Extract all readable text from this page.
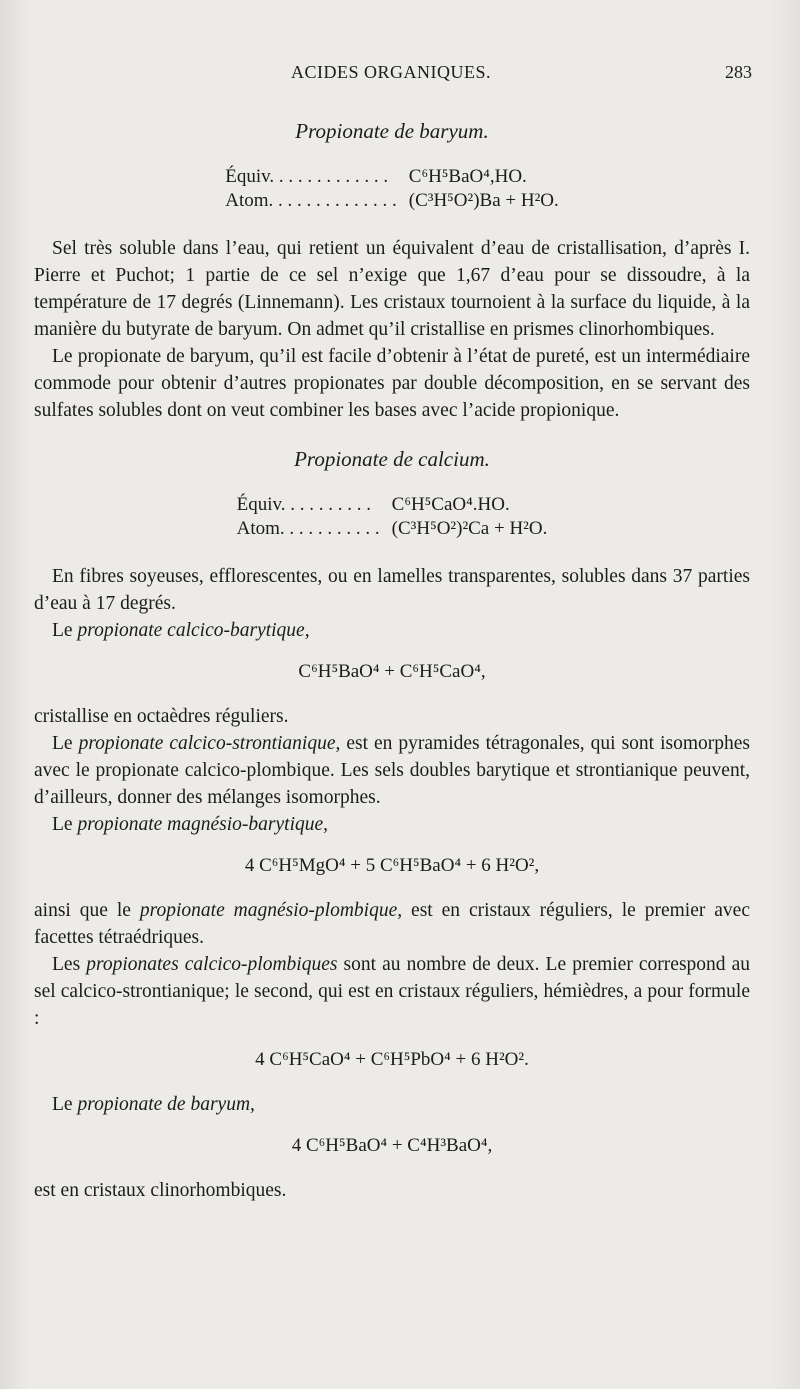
ACIDES ORGANIQUES.	283
Propionate de baryum.
Équiv. . . . . . . . . . . . .	C⁶H⁵BaO⁴,HO.
Atom. . . . . . . . . . . . . .	(C³H⁵O²)Ba + H²O.

Sel très soluble dans l’eau, qui retient un équivalent d’eau de cristallisation, d’après I. Pierre et Puchot; 1 partie de ce sel n’exige que 1,67 d’eau pour se dissoudre, à la température de 17 degrés (Linnemann). Les cristaux tournoient à la surface du liquide, à la manière du butyrate de baryum. On admet qu’il cristallise en prismes clinorhombiques.

Le propionate de baryum, qu’il est facile d’obtenir à l’état de pureté, est un intermédiaire commode pour obtenir d’autres propionates par double décomposition, en se servant des sulfates solubles dont on veut combiner les bases avec l’acide propionique.

Propionate de calcium.
Équiv. . . . . . . . . .	C⁶H⁵CaO⁴.HO.
Atom. . . . . . . . . . .	(C³H⁵O²)²Ca + H²O.

En fibres soyeuses, efflorescentes, ou en lamelles transparentes, solubles dans 37 parties d’eau à 17 degrés.

Le propionate calcico-barytique,

C⁶H⁵BaO⁴ + C⁶H⁵CaO⁴,

cristallise en octaèdres réguliers.

Le propionate calcico-strontianique, est en pyramides tétragonales, qui sont isomorphes avec le propionate calcico-plombique. Les sels doubles barytique et strontianique peuvent, d’ailleurs, donner des mélanges isomorphes.

Le propionate magnésio-barytique,

4 C⁶H⁵MgO⁴ + 5 C⁶H⁵BaO⁴ + 6 H²O²,

ainsi que le propionate magnésio-plombique, est en cristaux réguliers, le premier avec facettes tétraédriques.

Les propionates calcico-plombiques sont au nombre de deux. Le premier correspond au sel calcico-strontianique; le second, qui est en cristaux réguliers, hémièdres, a pour formule :

4 C⁶H⁵CaO⁴ + C⁶H⁵PbO⁴ + 6 H²O².

Le propionate de baryum,

4 C⁶H⁵BaO⁴ + C⁴H³BaO⁴,

est en cristaux clinorhombiques.
